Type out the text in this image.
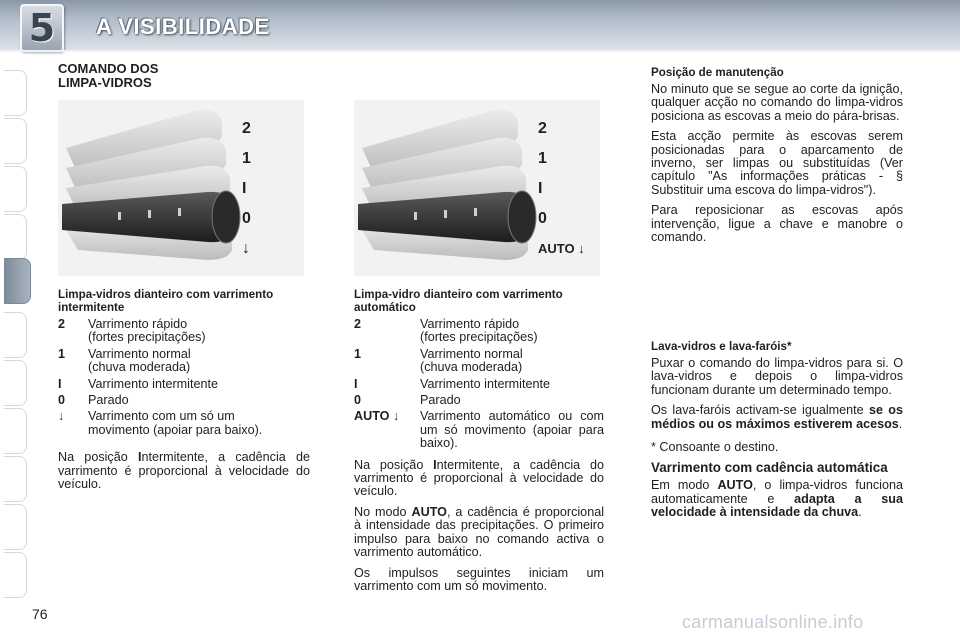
5	A VISIBILIDADE
COMANDO DOS
LIMPA-VIDROS
2
1
I
0
↓
2
1
I
0
AUTO ↓
Limpa-vidros dianteiro com varrimento intermitente
2	Varrimento rápido
(fortes precipitações)
1	Varrimento normal
(chuva moderada)
I	Varrimento intermitente
0	Parado
↓	Varrimento com um só um
movimento (apoiar para baixo).

Na posição Intermitente, a cadência de varrimento é proporcional à velocidade do veículo.

Limpa-vidro dianteiro com varrimento automático
2	Varrimento rápido
(fortes precipitações)
1	Varrimento normal
(chuva moderada)
I	Varrimento intermitente
0	Parado
AUTO ↓	Varrimento automático ou com um só movimento (apoiar para baixo).

Na posição Intermitente, a cadência do varrimento é proporcional à velocidade do veículo.

No modo AUTO, a cadência é proporcional à intensidade das precipitações. O primeiro impulso para baixo no comando activa o varrimento automático.

Os impulsos seguintes iniciam um varrimento com um só movimento.

Posição de manutenção

No minuto que se segue ao corte da ignição, qualquer acção no comando do limpa-vidros posiciona as escovas a meio do pára-brisas.

Esta acção permite às escovas serem posicionadas para o aparcamento de inverno, ser limpas ou substituídas (Ver capítulo "As informações práticas - § Substituir uma escova do limpa-vidros").

Para reposicionar as escovas após intervenção, ligue a chave e manobre o comando.

Lava-vidros e lava-faróis*

Puxar o comando do limpa-vidros para si. O lava-vidros e depois o limpa-vidros funcionam durante um determinado tempo.

Os lava-faróis activam-se igualmente se os médios ou os máximos estiverem acesos.

* Consoante o destino.

Varrimento com cadência automática

Em modo AUTO, o limpa-vidros funciona automaticamente e adapta a sua velocidade à intensidade da chuva.

76	carmanualsonline.info
